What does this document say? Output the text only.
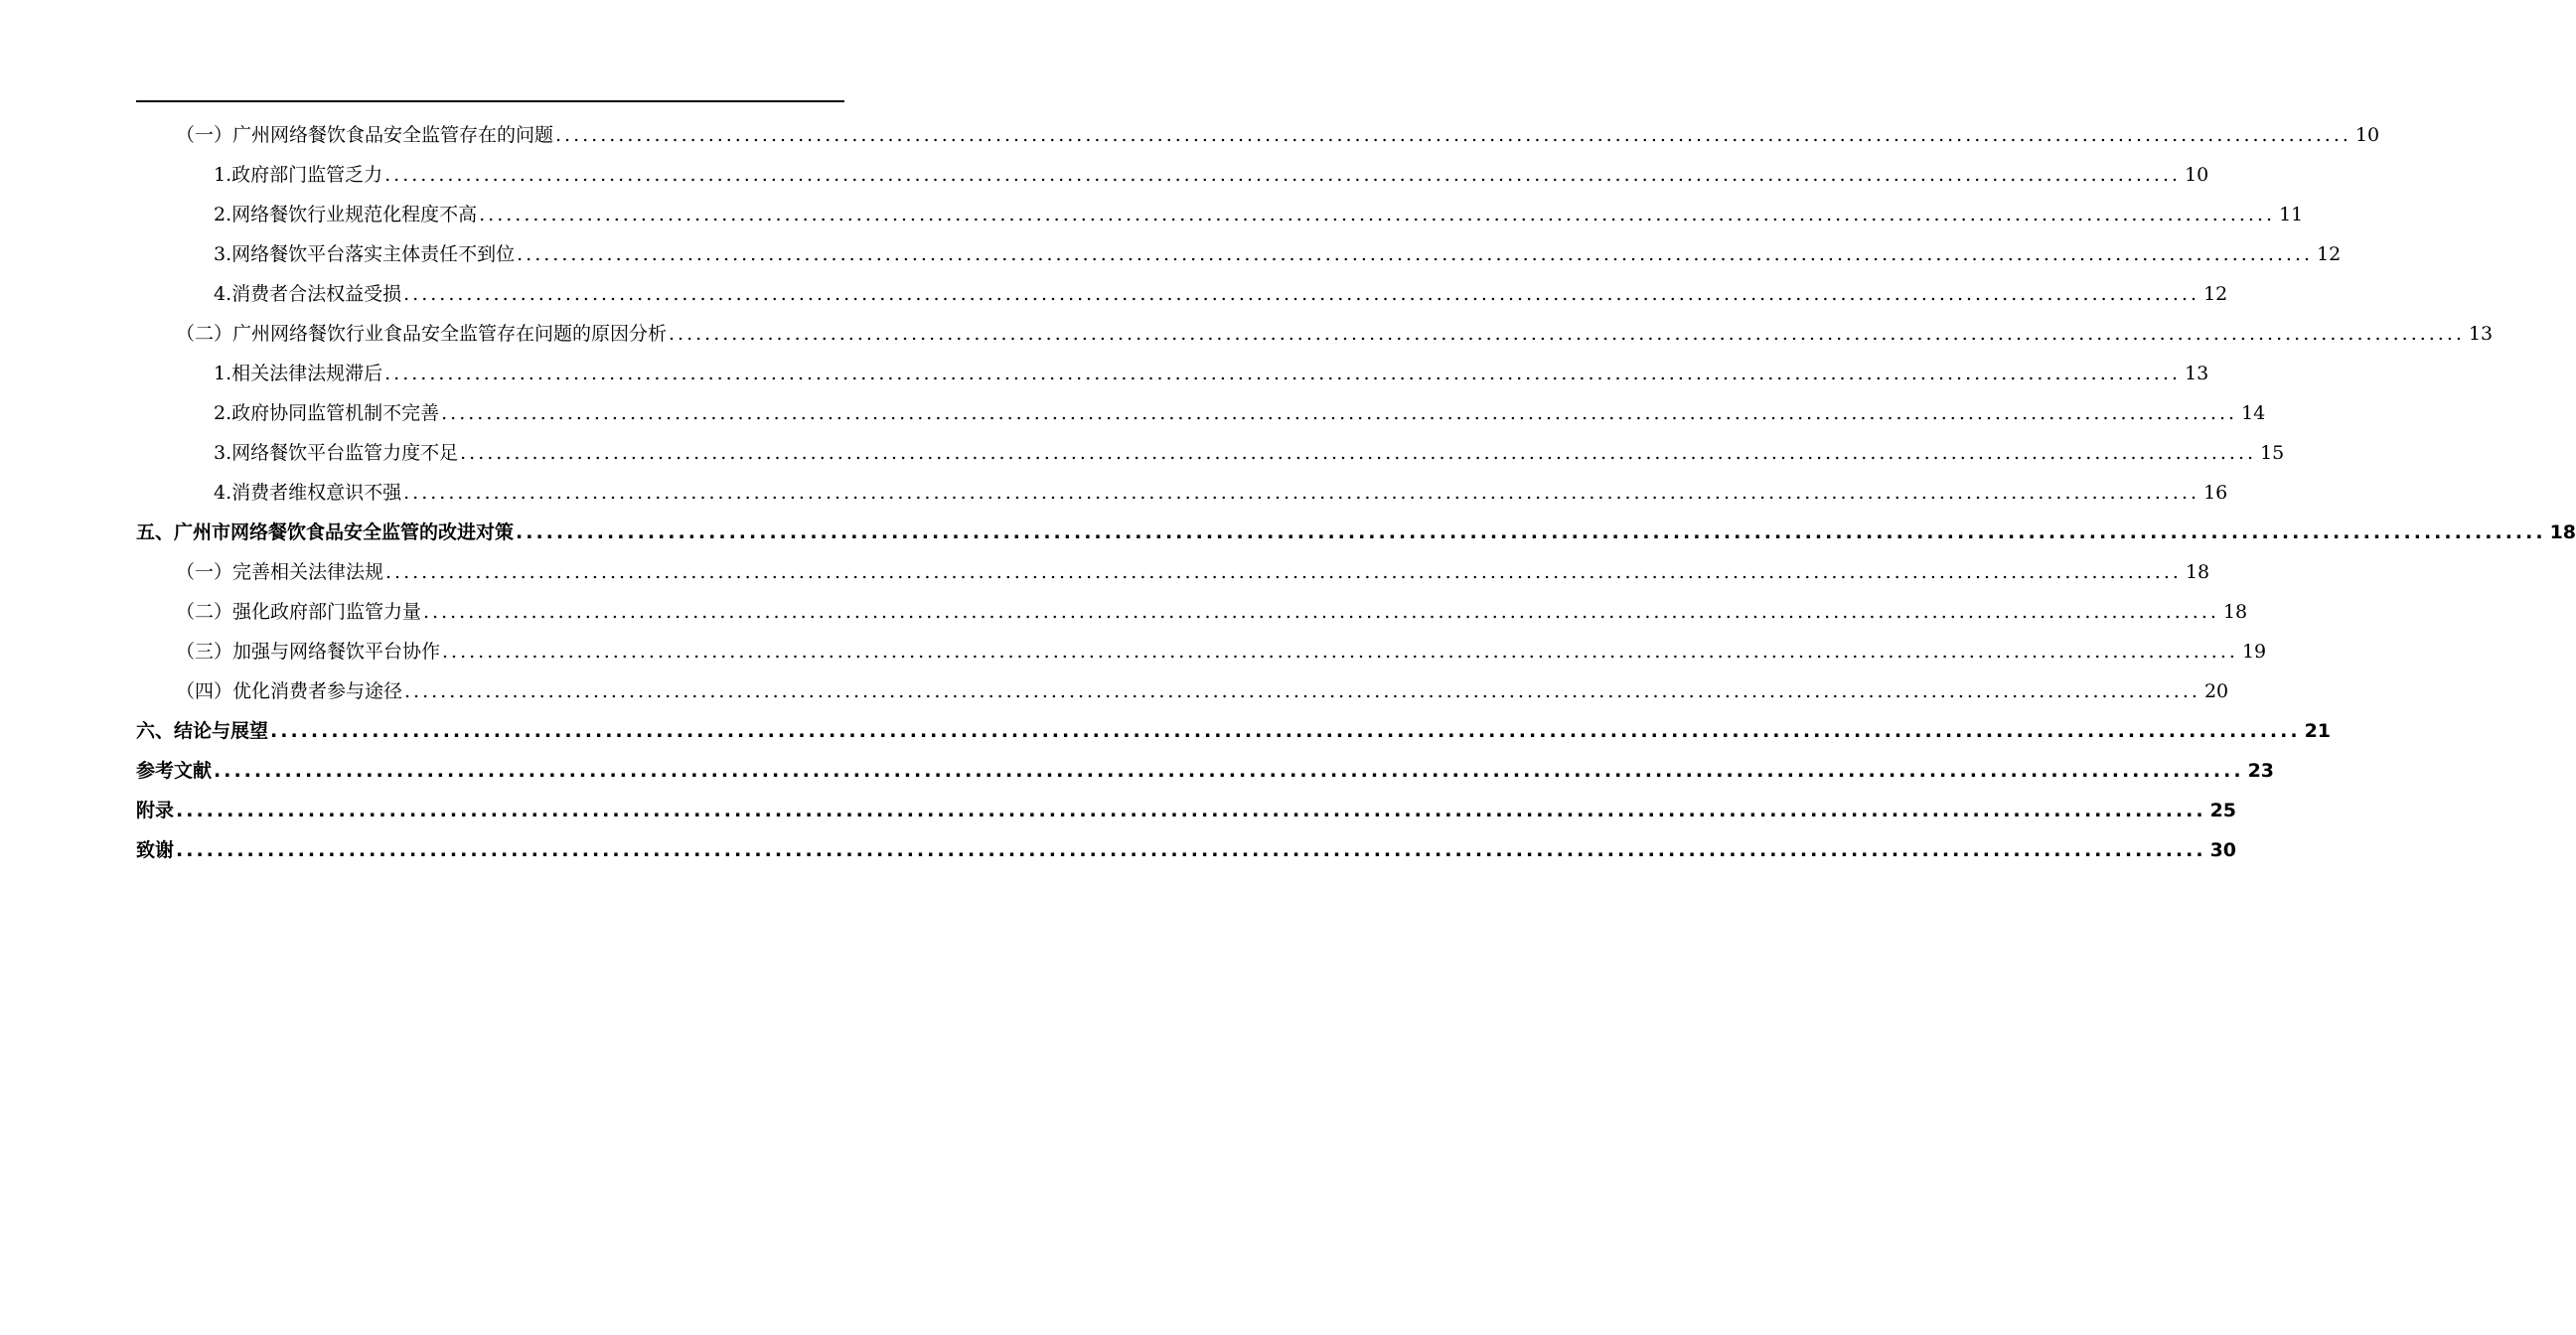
（一）广州网络餐饮食品安全监管存在的问题 ........................................................................................................................................................................................................ 10
1.政府部门监管乏力 ........................................................................................................................................................................................................ 10
2.网络餐饮行业规范化程度不高 ........................................................................................................................................................................................................ 11
3.网络餐饮平台落实主体责任不到位 ........................................................................................................................................................................................................ 12
4.消费者合法权益受损 ........................................................................................................................................................................................................ 12
（二）广州网络餐饮行业食品安全监管存在问题的原因分析 ........................................................................................................................................................................................................ 13
1.相关法律法规滞后 ........................................................................................................................................................................................................ 13
2.政府协同监管机制不完善 ........................................................................................................................................................................................................ 14
3.网络餐饮平台监管力度不足 ........................................................................................................................................................................................................ 15
4.消费者维权意识不强 ........................................................................................................................................................................................................ 16
五、广州市网络餐饮食品安全监管的改进对策 ........................................................................................................................................................................................................ 18
（一）完善相关法律法规 ........................................................................................................................................................................................................ 18
（二）强化政府部门监管力量 ........................................................................................................................................................................................................ 18
（三）加强与网络餐饮平台协作 ........................................................................................................................................................................................................ 19
（四）优化消费者参与途径 ........................................................................................................................................................................................................ 20
六、结论与展望 ........................................................................................................................................................................................................ 21
参考文献 ........................................................................................................................................................................................................ 23
附录 ........................................................................................................................................................................................................ 25
致谢 ........................................................................................................................................................................................................ 30
